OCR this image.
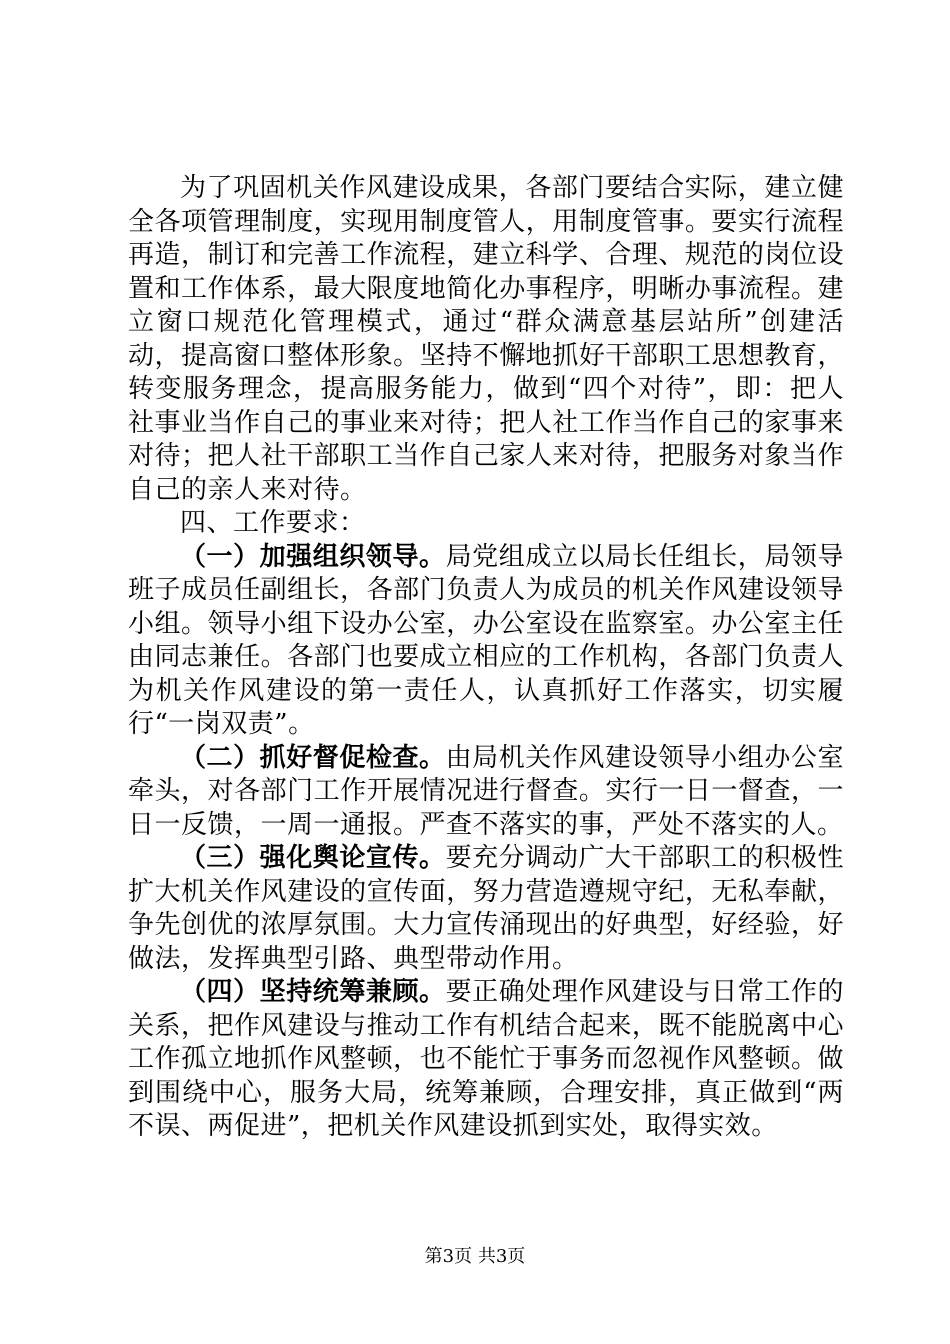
为了巩固机关作风建设成果，各部门要结合实际，建立健全各项管理制度，实现用制度管人，用制度管事。要实行流程再造，制订和完善工作流程，建立科学、合理、规范的岗位设置和工作体系，最大限度地简化办事程序，明晰办事流程。建立窗口规范化管理模式，通过“群众满意基层站所”创建活动，提高窗口整体形象。坚持不懈地抓好干部职工思想教育，转变服务理念，提高服务能力，做到“四个对待”，即：把人社事业当作自己的事业来对待；把人社工作当作自己的家事来对待；把人社干部职工当作自己家人来对待，把服务对象当作自己的亲人来对待。

四、工作要求：

（一）加强组织领导。局党组成立以局长任组长，局领导班子成员任副组长，各部门负责人为成员的机关作风建设领导小组。领导小组下设办公室，办公室设在监察室。办公室主任由同志兼任。各部门也要成立相应的工作机构，各部门负责人为机关作风建设的第一责任人，认真抓好工作落实，切实履行“一岗双责”。

（二）抓好督促检查。由局机关作风建设领导小组办公室牵头，对各部门工作开展情况进行督查。实行一日一督查，一日一反馈，一周一通报。严查不落实的事，严处不落实的人。

（三）强化舆论宣传。要充分调动广大干部职工的积极性扩大机关作风建设的宣传面，努力营造遵规守纪，无私奉献，争先创优的浓厚氛围。大力宣传涌现出的好典型，好经验，好做法，发挥典型引路、典型带动作用。

（四）坚持统筹兼顾。要正确处理作风建设与日常工作的关系，把作风建设与推动工作有机结合起来，既不能脱离中心工作孤立地抓作风整顿，也不能忙于事务而忽视作风整顿。做到围绕中心，服务大局，统筹兼顾，合理安排，真正做到“两不误、两促进”，把机关作风建设抓到实处，取得实效。

第3页 共3页
